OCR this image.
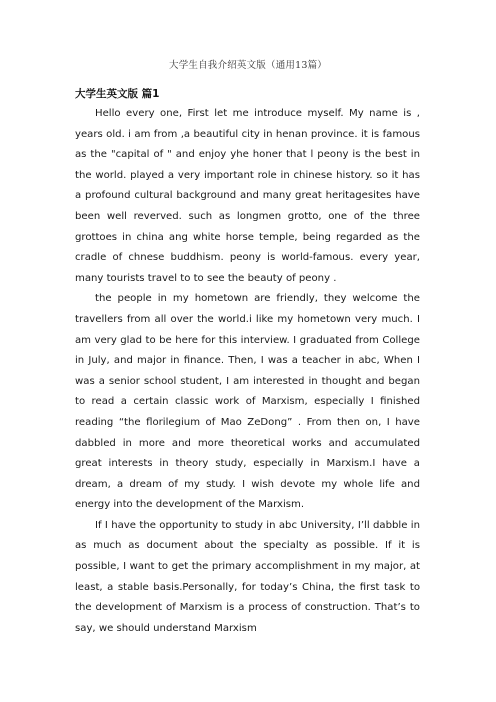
大学生自我介绍英文版（通用13篇）
大学生英文版 篇1

Hello every one, First let me introduce myself. My name is , years old. i am from ,a beautiful city in henan province. it is famous as the "capital of " and enjoy yhe honer that l peony is the best in the world. played a very important role in chinese history. so it has a profound cultural background and many great heritagesites have been well reverved. such as longmen grotto, one of the three grottoes in china ang white horse temple, being regarded as the cradle of chnese buddhism. peony is world-famous. every year, many tourists travel to to see the beauty of peony .

the people in my hometown are friendly, they welcome the travellers from all over the world.i like my hometown very much. I am very glad to be here for this interview. I graduated from College in July, and major in finance. Then, I was a teacher in abc, When I was a senior school student, I am interested in thought and began to read a certain classic work of Marxism, especially I finished reading “the florilegium of Mao ZeDong” . From then on, I have dabbled in more and more theoretical works and accumulated great interests in theory study, especially in Marxism.I have a dream, a dream of my study. I wish devote my whole life and energy into the development of the Marxism.

If I have the opportunity to study in abc University, I’ll dabble in as much as document about the specialty as possible. If it is possible, I want to get the primary accomplishment in my major, at least, a stable basis.Personally, for today’s China, the first task to the development of Marxism is a process of construction. That’s to say, we should understand Marxism
